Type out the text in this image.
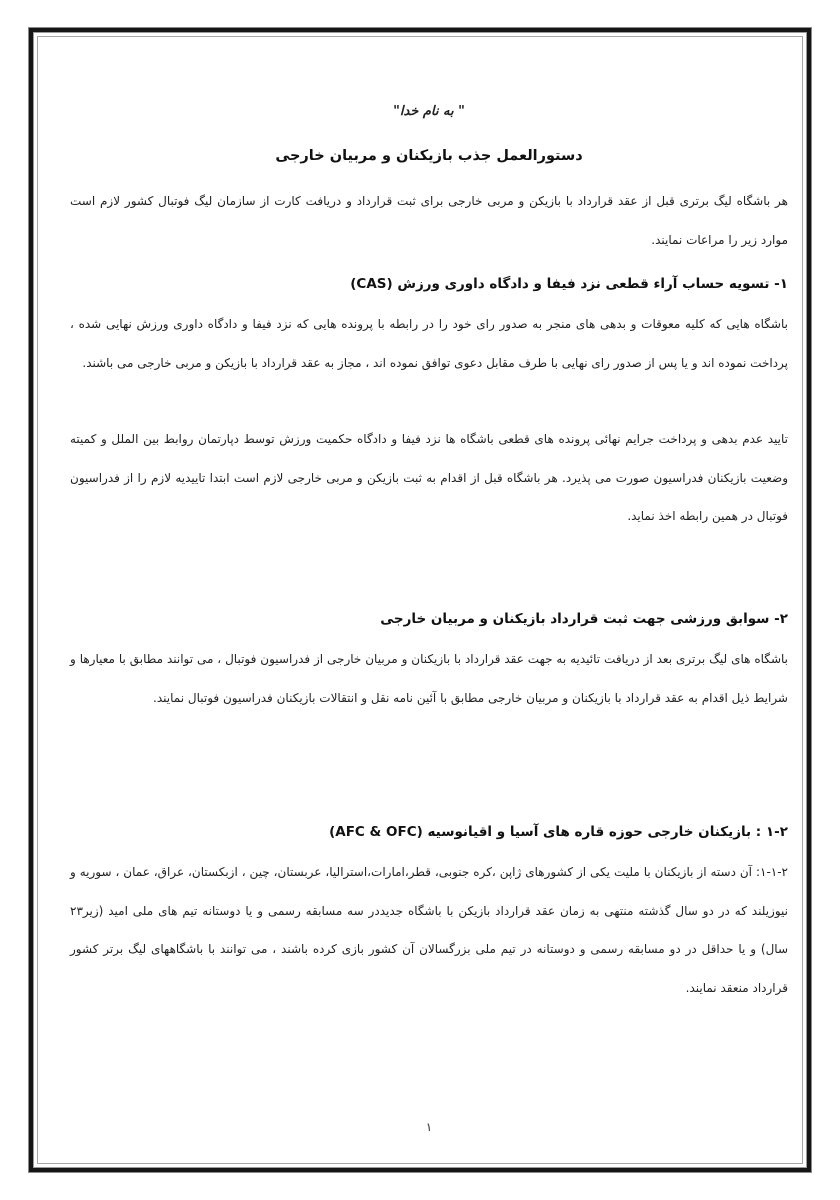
" به نام خدا"
دستورالعمل جذب بازیکنان و مربیان خارجی
هر باشگاه لیگ برتری قبل از عقد قرارداد با بازیکن و مربی خارجی برای ثبت قرارداد و دریافت کارت از سازمان لیگ فوتبال کشور لازم است موارد زیر را مراعات نمایند.
۱- تسویه حساب آراء قطعی نزد فیفا و دادگاه داوری ورزش (CAS)
باشگاه هایی که کلیه معوقات و بدهی های منجر به صدور رای خود را در رابطه با پرونده هایی که نزد فیفا و دادگاه داوری ورزش نهایی شده ، پرداخت نموده اند و یا پس از صدور رای نهایی با طرف مقابل دعوی توافق نموده اند ، مجاز به عقد قرارداد با بازیکن و مربی خارجی می باشند.
تایید عدم بدهی و پرداخت جرایم نهائی پرونده های قطعی باشگاه ها نزد فیفا و دادگاه حکمیت ورزش توسط دپارتمان روابط بین الملل و کمیته وضعیت بازیکنان فدراسیون صورت می پذیرد. هر باشگاه قبل از اقدام به ثبت بازیکن و مربی خارجی لازم است ابتدا تاییدیه لازم را از فدراسیون فوتبال در همین رابطه اخذ نماید.
۲- سوابق ورزشی جهت ثبت قرارداد بازیکنان و مربیان خارجی
باشگاه های لیگ برتری بعد از دریافت تائیدیه به جهت عقد قرارداد با بازیکنان و مربیان خارجی از فدراسیون فوتبال ، می توانند مطابق با معیارها و شرایط ذیل اقدام به عقد قرارداد با بازیکنان و مربیان خارجی مطابق با آئین نامه نقل و انتقالات بازیکنان فدراسیون فوتبال نمایند.
۱-۲ : بازیکنان خارجی حوزه قاره های آسیا و اقیانوسیه (AFC & OFC)
۱-۱-۲: آن دسته از بازیکنان با ملیت یکی از کشورهای ژاپن ،کره جنوبی، قطر،امارات،استرالیا، عربستان، چین ، ازبکستان، عراق، عمان ، سوریه و نیوزیلند که در دو سال گذشته منتهی به زمان عقد قرارداد بازیکن با باشگاه جدیددر سه مسابقه رسمی و یا دوستانه تیم های ملی امید (زیر۲۳ سال) و یا حداقل در دو مسابقه رسمی و دوستانه در تیم ملی بزرگسالان آن کشور بازی کرده باشند ، می توانند با باشگاههای لیگ برتر کشور قرارداد منعقد نمایند.
۱
